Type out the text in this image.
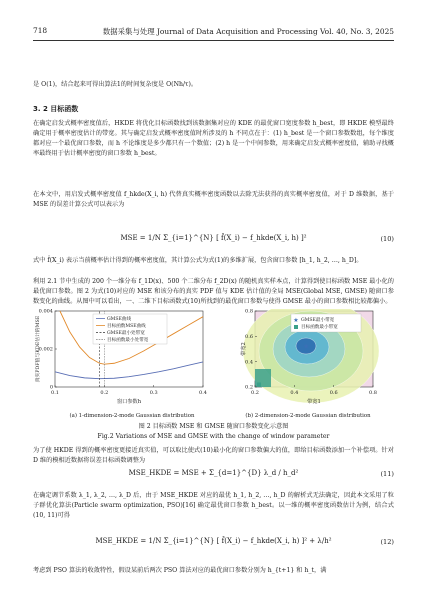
718	数据采集与处理 Journal of Data Acquisition and Processing Vol. 40, No. 3, 2025
是 O(1)，结合起来可得出算法1的时间复杂度是 O(Nh/τ)。
3. 2 目标函数
在确定启发式概率密度值后，HKDE 将优化目标函数找到该数据集对应的 KDE 的最优窗口宽度参数 h_best，即 HKDE 模型最终确定用于概率密度估计的带宽。其与确定启发式概率密度值时所涉及的 h 不同点在于：(1) h_best 是一个窗口参数数组，每个维度都对应一个最优窗口参数，而 h 不论维度是多少都只有一个数值；(2) h 是一个中间参数，用来确定启发式概率密度值，辅助寻找概率最终用于估计概率密度的窗口参数 h_best。
在本文中，用启发式概率密度值 f_hkde(X_i, h) 代替真实概率密度函数以去除无法获得的真实概率密度值，对于 D 维数据，基于 MSE 的误差计算公式可以表示为
MSE = 1/N Σ_{i=1}^{N} [ f̂(X_i) − f_hkde(X_i, h) ]²	(10)
式中 f̂(X_i) 表示当前概率估计得到的概率密度值，其计算公式为式(1)的多维扩展，包含窗口参数 [h_1, h_2, …, h_D]。
利用 2.1 节中生成的 200 个一维分布 f_1D(x)、500 个二维分布 f_2D(x) 的随机真实样本点，计算得到使目标函数 MSE 最小化的最优窗口参数。图 2 为式(10)对应的 MSE 和该分布的真实 PDF 值与 KDE 估计值的全局 MSE(Global MSE, GMSE) 随窗口参数变化的曲线。从图中可以看出，一、二维下目标函数式(10)所找到的最优窗口参数与使得 GMSE 最小的窗口参数相比较都偏小。
真实PDF值与KDE估计的MSE
窗口参数h
0.1	0.2	0.3	0.4
0
0.002
0.004
GMSE曲线
目标函数MSE曲线
GMSE最小处带宽
目标函数最小处带宽
带宽2
带宽1
0.2	0.4	0.6	0.8
0.2
0.4
0.6
0.8
★
★ GMSE最小带宽
目标函数最小带宽
(a) 1-dimension-2-mode Gaussian distribution	(b) 2-dimension-2-mode Gaussian distribution
图 2 目标函数 MSE 和 GMSE 随窗口参数变化示意图
Fig.2 Variations of MSE and GMSE with the change of window parameter
为了使 HKDE 得到的概率密度更接近真实值，可以取比使式(10)最小化的窗口参数偏大的值，即给目标函数添加一个补偿项。针对 D 维的模相近数据将误差目标函数调整为
MSE_HKDE = MSE + Σ_{d=1}^{D} λ_d / h_d²	(11)
在确定调节系数 λ_1, λ_2, …, λ_D 后，由于 MSE_HKDE 对应的最优 h_1, h_2, …, h_D 的解析式无法确定，因此本文采用了粒子群优化算法(Particle swarm optimization, PSO)[16] 确定最优窗口参数 h_best。以一维的概率密度函数估计为例，结合式(10, 11)可得
MSE_HKDE = 1/N Σ_{i=1}^{N} [ f̂(X_i) − f_hkde(X_i, h) ]² + λ/h²	(12)
考虑到 PSO 算法的收敛特性，假设某前后两次 PSO 算法对应的最优窗口参数分别为 h_{t+1} 和 h_t，满
